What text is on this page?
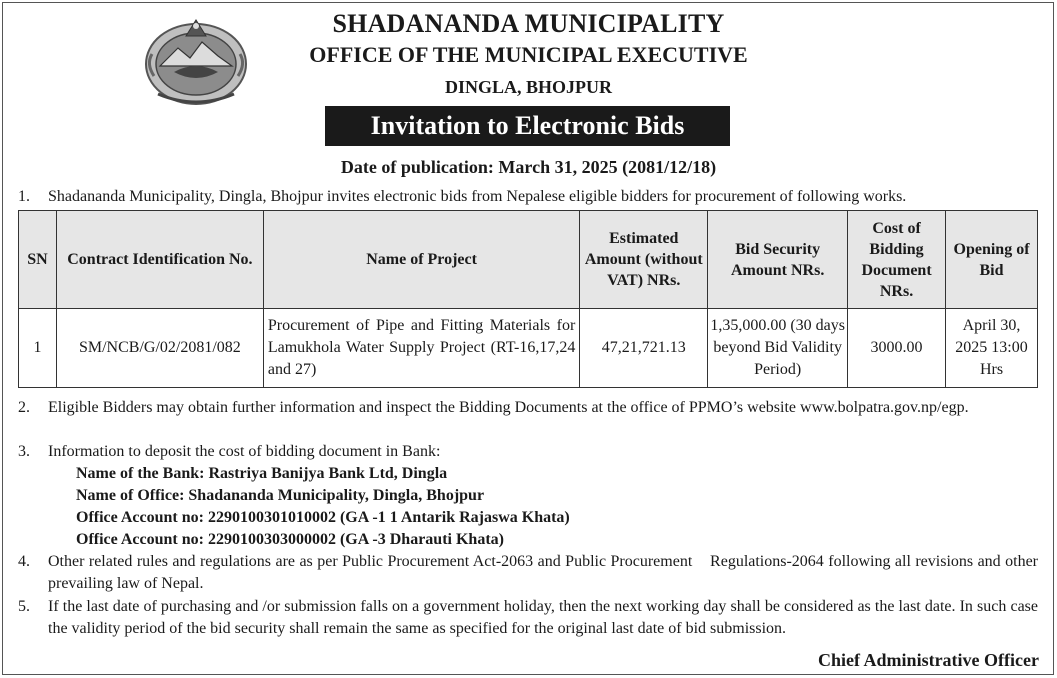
SHADANANDA MUNICIPALITY
OFFICE OF THE MUNICIPAL EXECUTIVE
DINGLA, BHOJPUR
Invitation to Electronic Bids
Date of publication: March 31, 2025 (2081/12/18)
1. Shadananda Municipality, Dingla, Bhojpur invites electronic bids from Nepalese eligible bidders for procurement of following works.
SN	Contract Identification No.	Name of Project	Estimated Amount (without VAT) NRs.	Bid Security Amount NRs.	Cost of Bidding Document NRs.	Opening of Bid
1	SM/NCB/G/02/2081/082	Procurement of Pipe and Fitting Materials for Lamukhola Water Supply Project (RT-16,17,24 and 27)	47,21,721.13	1,35,000.00 (30 days beyond Bid Validity Period)	3000.00	April 30, 2025 13:00 Hrs
2. Eligible Bidders may obtain further information and inspect the Bidding Documents at the office of PPMO’s website www.bolpatra.gov.np/egp.
3. Information to deposit the cost of bidding document in Bank:
Name of the Bank: Rastriya Banijya Bank Ltd, Dingla
Name of Office: Shadananda Municipality, Dingla, Bhojpur
Office Account no: 2290100301010002 (GA -1 1 Antarik Rajaswa Khata)
Office Account no: 2290100303000002 (GA -3 Dharauti Khata)
4. Other related rules and regulations are as per Public Procurement Act-2063 and Public Procurement    Regulations-2064 following all revisions and other prevailing law of Nepal.
5. If the last date of purchasing and /or submission falls on a government holiday, then the next working day shall be considered as the last date. In such case the validity period of the bid security shall remain the same as specified for the original last date of bid submission.
Chief Administrative Officer
